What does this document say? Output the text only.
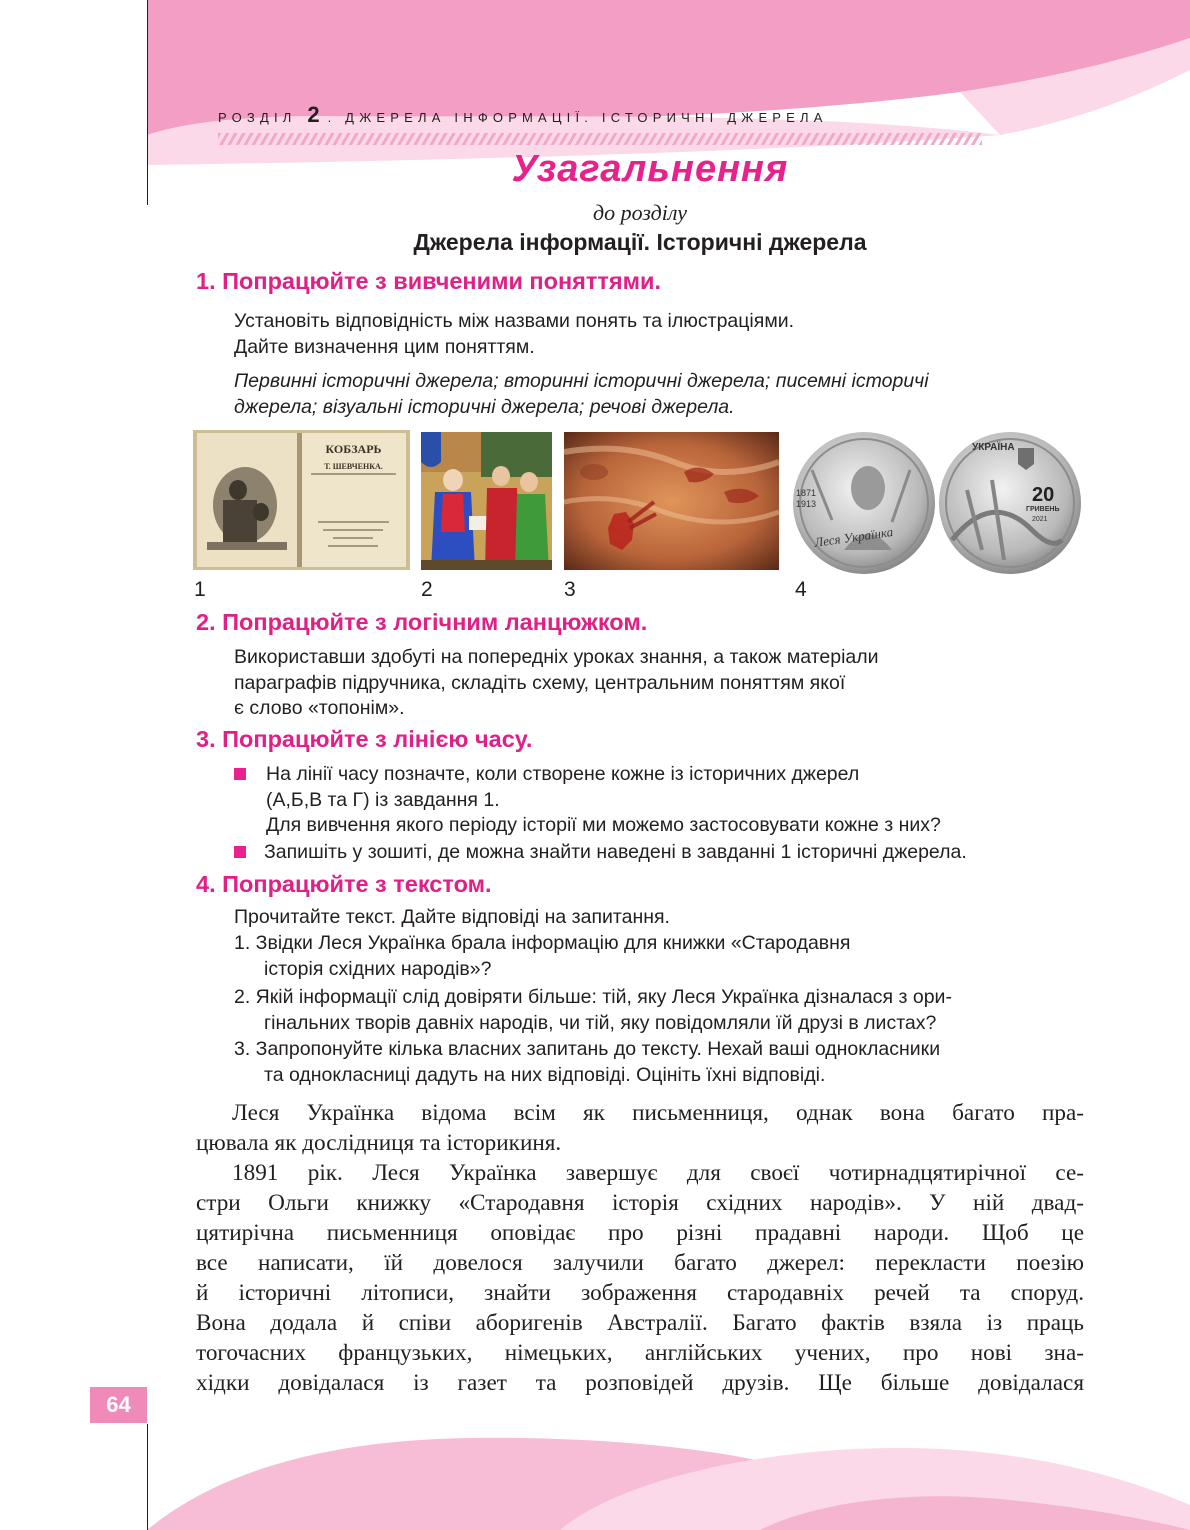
РОЗДІЛ 2 . ДЖЕРЕЛА ІНФОРМАЦІЇ. ІСТОРИЧНІ ДЖЕРЕЛА
Узагальнення
до розділу
Джерела інформації. Історичні джерела
1. Попрацюйте з вивченими поняттями.
Установіть відповідність між назвами понять та ілюстраціями.
Дайте визначення цим поняттям.
Первинні історичні джерела; вторинні історичні джерела; писемні історичі
джерела; візуальні історичні джерела; речові джерела.
КОБЗАРЬ
Т. ШЕВЧЕНКА.
1	2	3
Леся Українка
1871 1913
УКРАЇНА
20
ГРИВЕНЬ
2021
4
2. Попрацюйте з логічним ланцюжком.
Використавши здобуті на попередніх уроках знання, а також матеріали
параграфів підручника, складіть схему, центральним поняттям якої
є слово «топонім».
3. Попрацюйте з лінією часу.
На лінії часу позначте, коли створене кожне із історичних джерел
(А,Б,В та Г) із завдання 1.
Для вивчення якого періоду історії ми можемо застосовувати кожне з них?
Запишіть у зошиті, де можна знайти наведені в завданні 1 історичні джерела.
4. Попрацюйте з текстом.
Прочитайте текст. Дайте відповіді на запитання.
1. Звідки Леся Українка брала інформацію для книжки «Стародавня
історія східних народів»?
2. Якій інформації слід довіряти більше: тій, яку Леся Українка дізналася з ори-
гінальних творів давніх народів, чи тій, яку повідомляли їй друзі в листах?
3. Запропонуйте кілька власних запитань до тексту. Нехай ваші однокласники
та однокласниці дадуть на них відповіді. Оцініть їхні відповіді.
Леся Українка відома всім як письменниця, однак вона багато пра-
цювала як дослідниця та історикиня.
1891 рік. Леся Українка завершує для своєї чотирнадцятирічної се-
стри Ольги книжку «Стародавня історія східних народів». У ній двад-
цятирічна письменниця оповідає про різні прадавні народи. Щоб це
все написати, їй довелося залучили багато джерел: перекласти поезію
й історичні літописи, знайти зображення стародавніх речей та споруд.
Вона додала й співи аборигенів Австралії. Багато фактів взяла із праць
тогочасних французьких, німецьких, англійських учених, про нові зна-
хідки довідалася із газет та розповідей друзів. Ще більше довідалася
64
